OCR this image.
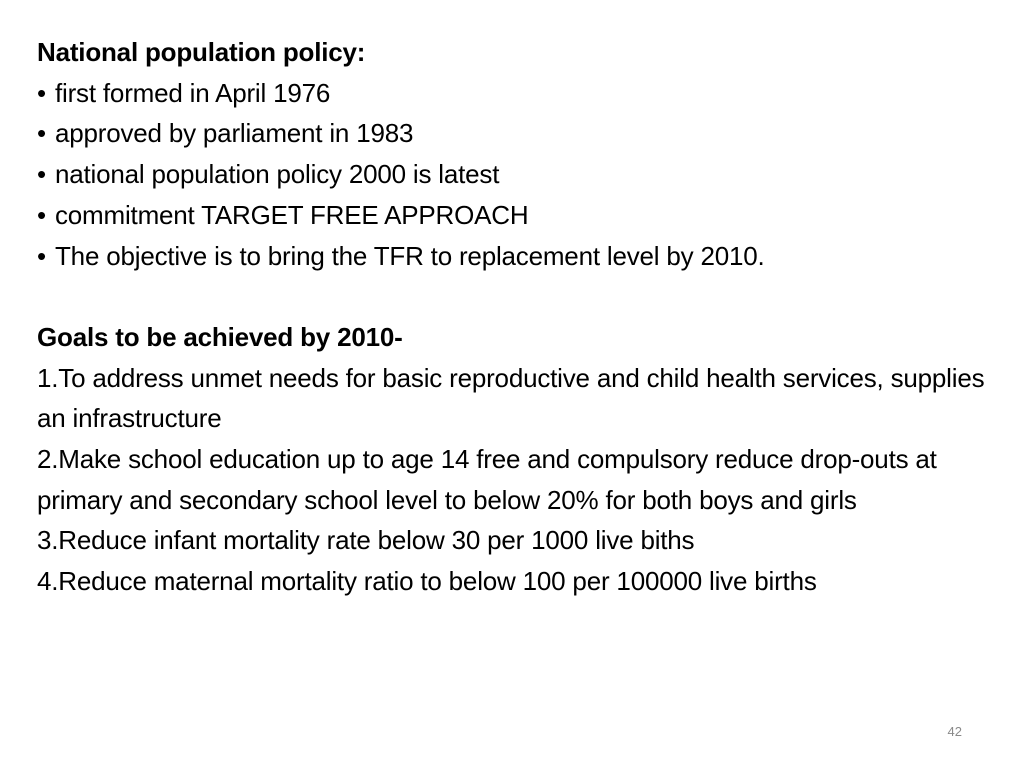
National population policy:

• first formed in April 1976
• approved by parliament in 1983
• national population policy 2000 is latest
• commitment TARGET FREE APPROACH
• The objective is to bring the TFR to replacement level by 2010.

Goals to be achieved by 2010-

1.To address unmet needs for basic reproductive and child health services, supplies an infrastructure
2.Make school education up to age 14 free and compulsory reduce drop-outs at primary and secondary school level to below 20% for both boys and girls
3.Reduce infant mortality rate below 30 per 1000 live biths
4.Reduce maternal mortality ratio to below 100 per 100000 live births
42
